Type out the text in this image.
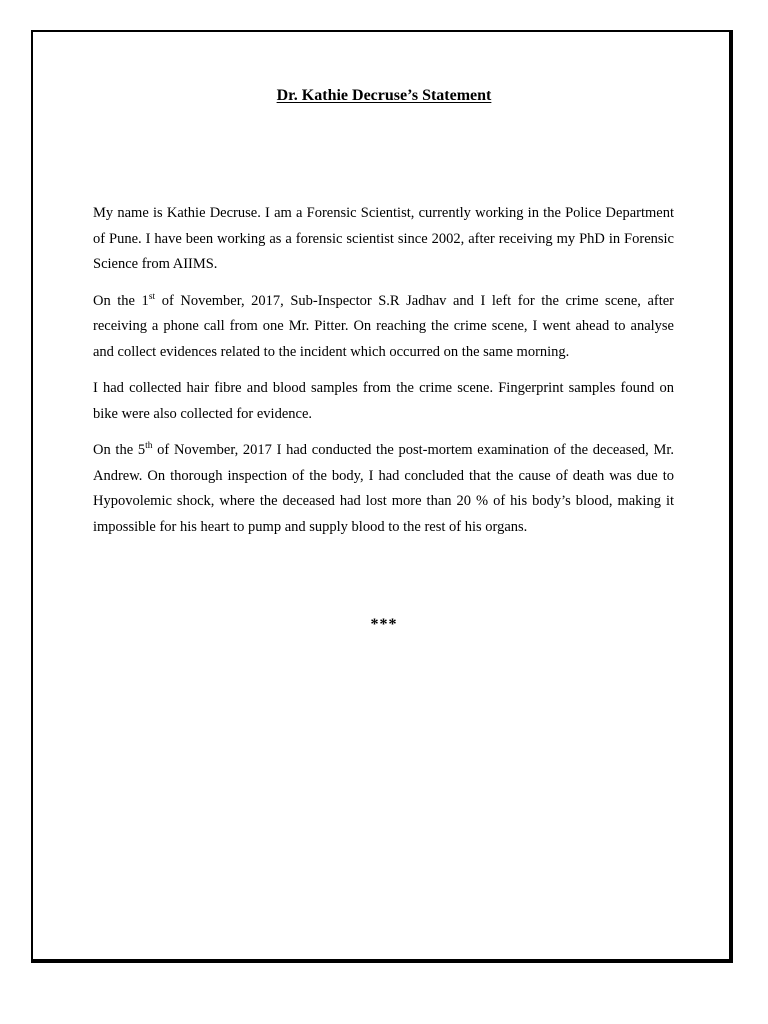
Dr. Kathie Decruse’s Statement

My name is Kathie Decruse. I am a Forensic Scientist, currently working in the Police Department of Pune. I have been working as a forensic scientist since 2002, after receiving my PhD in Forensic Science from AIIMS.

On the 1st of November, 2017, Sub-Inspector S.R Jadhav and I left for the crime scene, after receiving a phone call from one Mr. Pitter. On reaching the crime scene, I went ahead to analyse and collect evidences related to the incident which occurred on the same morning.

I had collected hair fibre and blood samples from the crime scene. Fingerprint samples found on bike were also collected for evidence.

On the 5th of November, 2017 I had conducted the post-mortem examination of the deceased, Mr. Andrew. On thorough inspection of the body, I had concluded that the cause of death was due to Hypovolemic shock, where the deceased had lost more than 20 % of his body’s blood, making it impossible for his heart to pump and supply blood to the rest of his organs.

***
